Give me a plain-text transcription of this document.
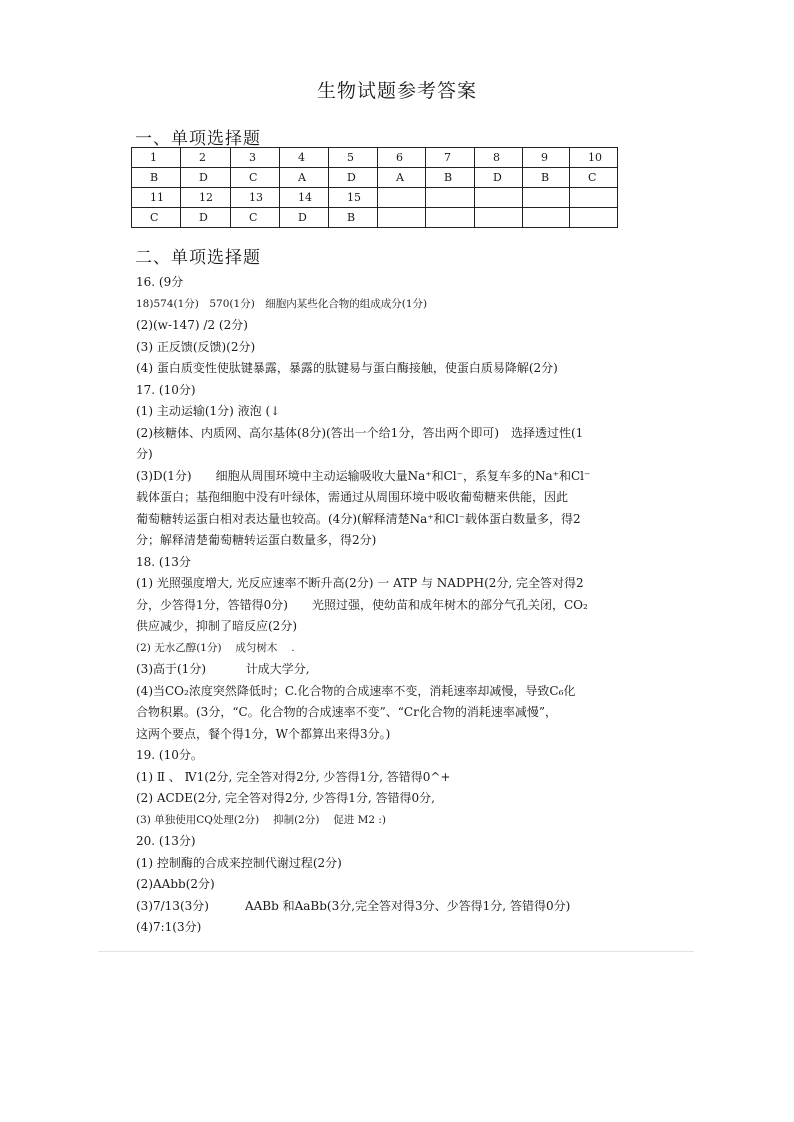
生物试题参考答案
一、单项选择题
1	2	3	4	5	6	7	8	9	10
B	D	C	A	D	A	B	D	B	C
11	12	13	14	15					
C	D	C	D	B					
二、单项选择题
16. (9分
18)574(1分)　570(1分)　细胞内某些化合物的组成成分(1分)
(2)(w-147) /2 (2分)
(3) 正反馈(反馈)(2分)
(4) 蛋白质变性使肽键暴露，暴露的肽键易与蛋白酶接触，使蛋白质易降解(2分)
17. (10分)
(1) 主动运输(1分) 液泡 (↓
(2)核糖体、内质网、高尔基体(8分)(答出一个给1分，答出两个即可)　选择透过性(1
分)
(3)D(1分)　　细胞从周围环境中主动运输吸收大量Na⁺和Cl⁻，系复车多的Na⁺和Cl⁻
载体蛋白；基孢细胞中没有叶绿体，需通过从周围环境中吸收葡萄糖来供能，因此
葡萄糖转运蛋白相对表达量也较高。(4分)(解释清楚Na⁺和Cl⁻载体蛋白数量多，得2
分；解释清楚葡萄糖转运蛋白数量多，得2分)
18. (13分
(1) 光照强度增大, 光反应速率不断升高(2分) 一 ATP 与 NADPH(2分, 完全答对得2
分，少答得1分，答错得0分)　　光照过强，使幼苗和成年树木的部分气孔关闭，CO₂
供应减少，抑制了暗反应(2分)
(2) 无水乙醇(1分)　 成匀树木　 .
(3)高于(1分)　　　 计成大学分,
(4)当CO₂浓度突然降低时；C.化合物的合成速率不变，消耗速率却减慢，导致C₆化
合物积累。(3分，“C。化合物的合成速率不变”、“Cr化合物的消耗速率减慢”，
这两个要点，餐个得1分，W个都算出来得3分。)
19. (10分。
(1) Ⅱ 、 Ⅳ1(2分, 完全答对得2分, 少答得1分, 答错得0^+
(2) ACDE(2分, 完全答对得2分, 少答得1分, 答错得0分,
(3) 单独使用CQ处理(2分)　 抑制(2分)　 促进 M2 :)
20. (13分)
(1) 控制酶的合成来控制代谢过程(2分)
(2)AAbb(2分)
(3)7/13(3分)　　　AABb 和AaBb(3分,完全答对得3分、少答得1分, 答错得0分)
(4)7:1(3分)
